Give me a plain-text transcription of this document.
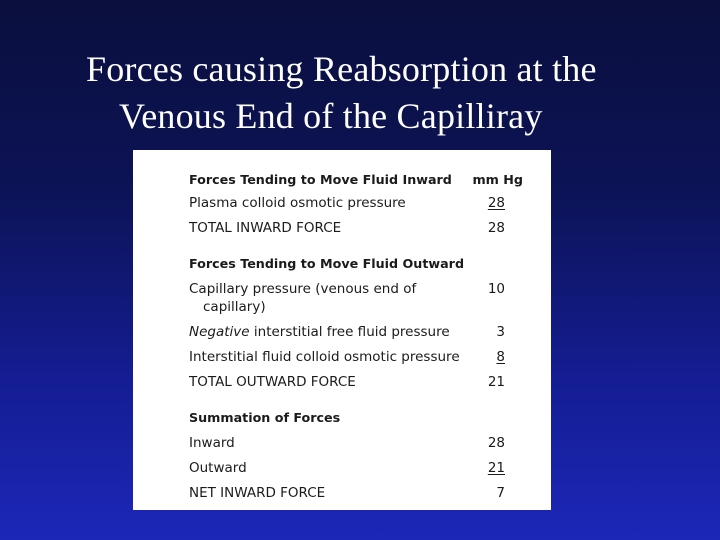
Forces causing Reabsorption at the
Venous End of the Capilliray
Forces Tending to Move Fluid Inward mm Hg
Plasma colloid osmotic pressure	28
TOTAL INWARD FORCE	28
Forces Tending to Move Fluid Outward
Capillary pressure (venous end of	10
capillary)
Negative interstitial free fluid pressure	3
Interstitial fluid colloid osmotic pressure	8
TOTAL OUTWARD FORCE	21
Summation of Forces
Inward	28
Outward	21
NET INWARD FORCE	7
